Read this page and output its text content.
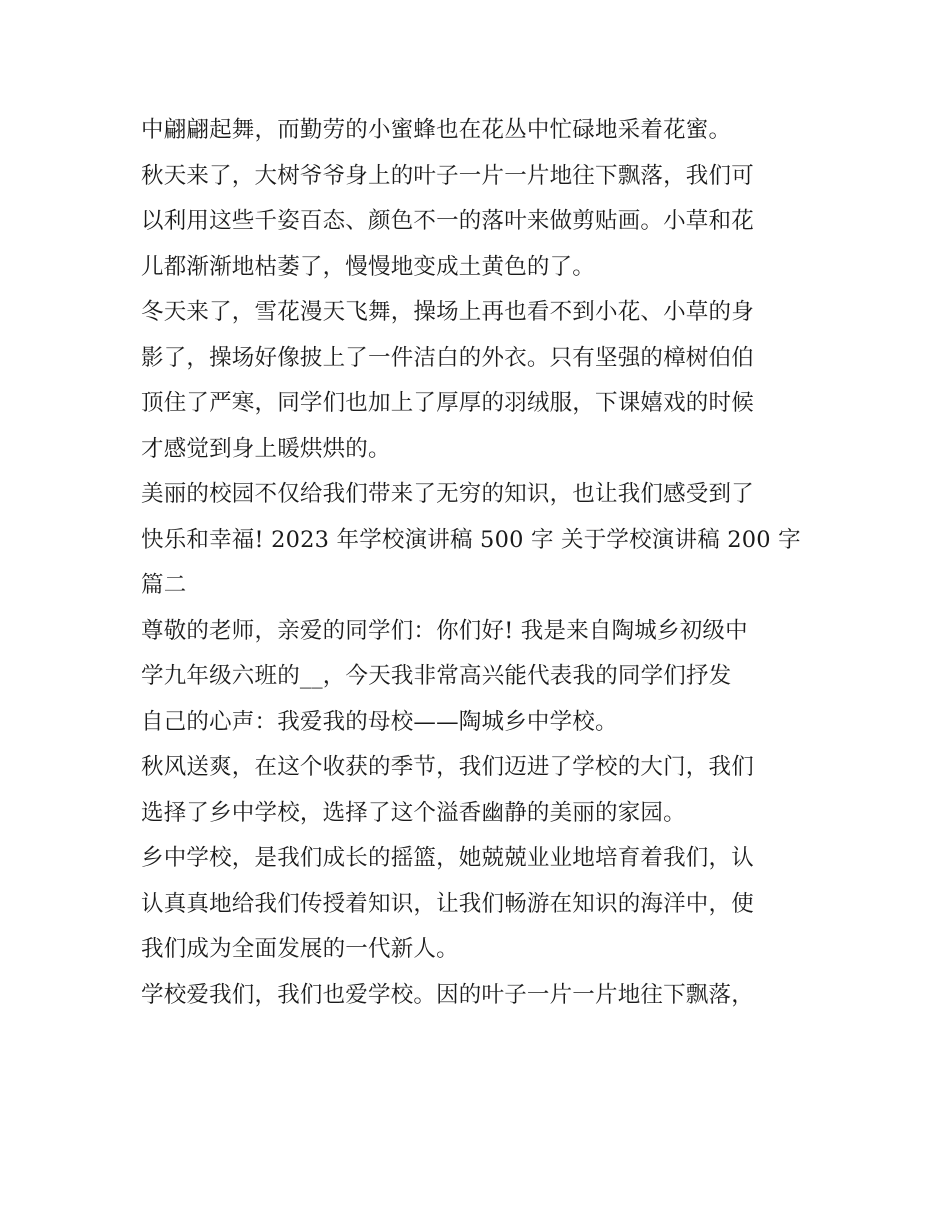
中翩翩起舞，而勤劳的小蜜蜂也在花丛中忙碌地采着花蜜。
秋天来了，大树爷爷身上的叶子一片一片地往下飘落，我们可
以利用这些千姿百态、颜色不一的落叶来做剪贴画。小草和花
儿都渐渐地枯萎了，慢慢地变成土黄色的了。
冬天来了，雪花漫天飞舞，操场上再也看不到小花、小草的身
影了，操场好像披上了一件洁白的外衣。只有坚强的樟树伯伯
顶住了严寒，同学们也加上了厚厚的羽绒服，下课嬉戏的时候
才感觉到身上暖烘烘的。
美丽的校园不仅给我们带来了无穷的知识，也让我们感受到了
快乐和幸福! 2023 年学校演讲稿 500 字 关于学校演讲稿 200 字
篇二
尊敬的老师，亲爱的同学们：你们好! 我是来自陶城乡初级中
学九年级六班的__，今天我非常高兴能代表我的同学们抒发
自己的心声：我爱我的母校——陶城乡中学校。
秋风送爽，在这个收获的季节，我们迈进了学校的大门，我们
选择了乡中学校，选择了这个溢香幽静的美丽的家园。
乡中学校，是我们成长的摇篮，她兢兢业业地培育着我们，认
认真真地给我们传授着知识，让我们畅游在知识的海洋中，使
我们成为全面发展的一代新人。
学校爱我们，我们也爱学校。因的叶子一片一片地往下飘落，
